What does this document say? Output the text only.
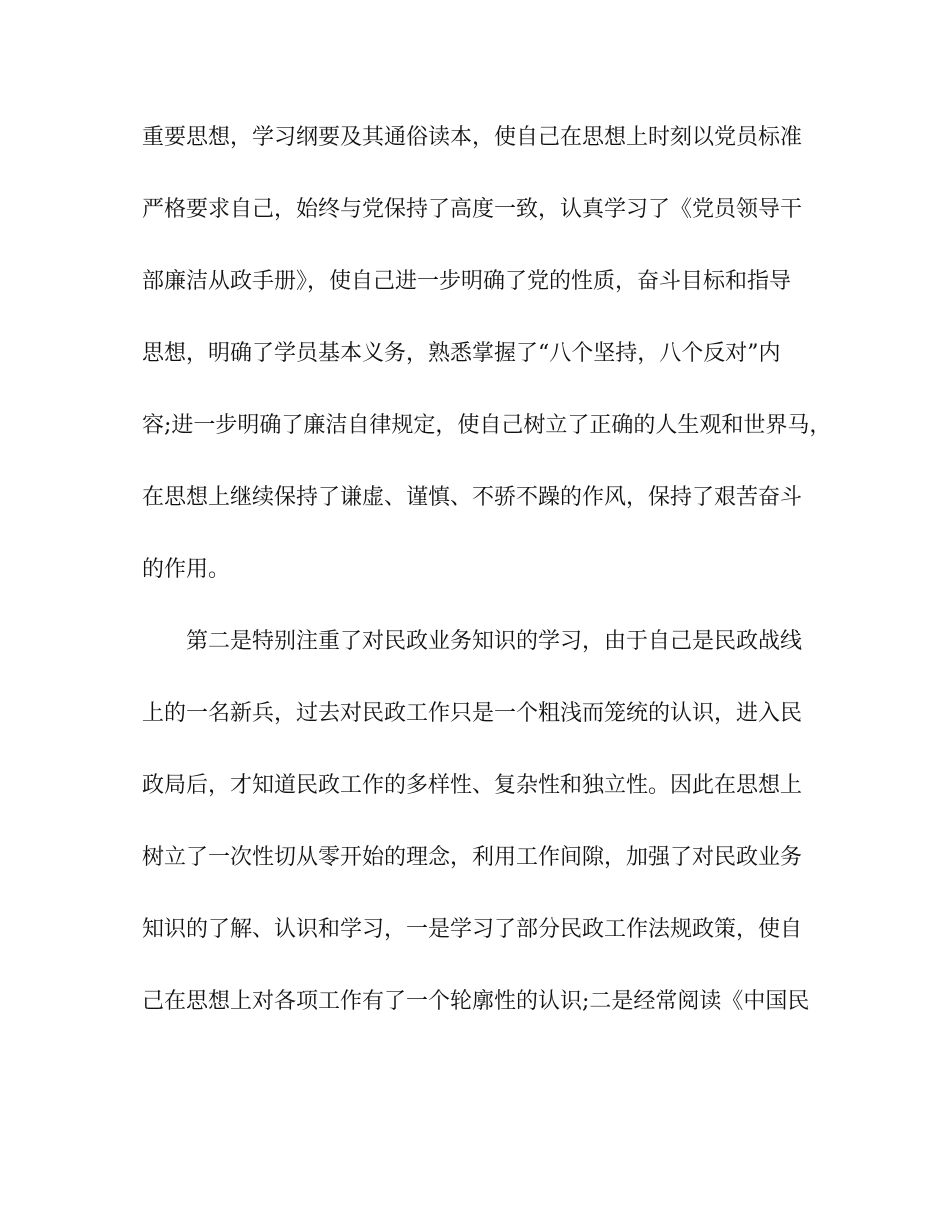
重要思想，学习纲要及其通俗读本，使自己在思想上时刻以党员标准
严格要求自己，始终与党保持了高度一致，认真学习了《党员领导干
部廉洁从政手册》，使自己进一步明确了党的性质，奋斗目标和指导
思想，明确了学员基本义务，熟悉掌握了“八个坚持，八个反对”内
容;进一步明确了廉洁自律规定，使自己树立了正确的人生观和世界马，
在思想上继续保持了谦虚、谨慎、不骄不躁的作风，保持了艰苦奋斗
的作用。
第二是特别注重了对民政业务知识的学习，由于自己是民政战线
上的一名新兵，过去对民政工作只是一个粗浅而笼统的认识，进入民
政局后，才知道民政工作的多样性、复杂性和独立性。因此在思想上
树立了一次性切从零开始的理念，利用工作间隙，加强了对民政业务
知识的了解、认识和学习，一是学习了部分民政工作法规政策，使自
己在思想上对各项工作有了一个轮廓性的认识;二是经常阅读《中国民
